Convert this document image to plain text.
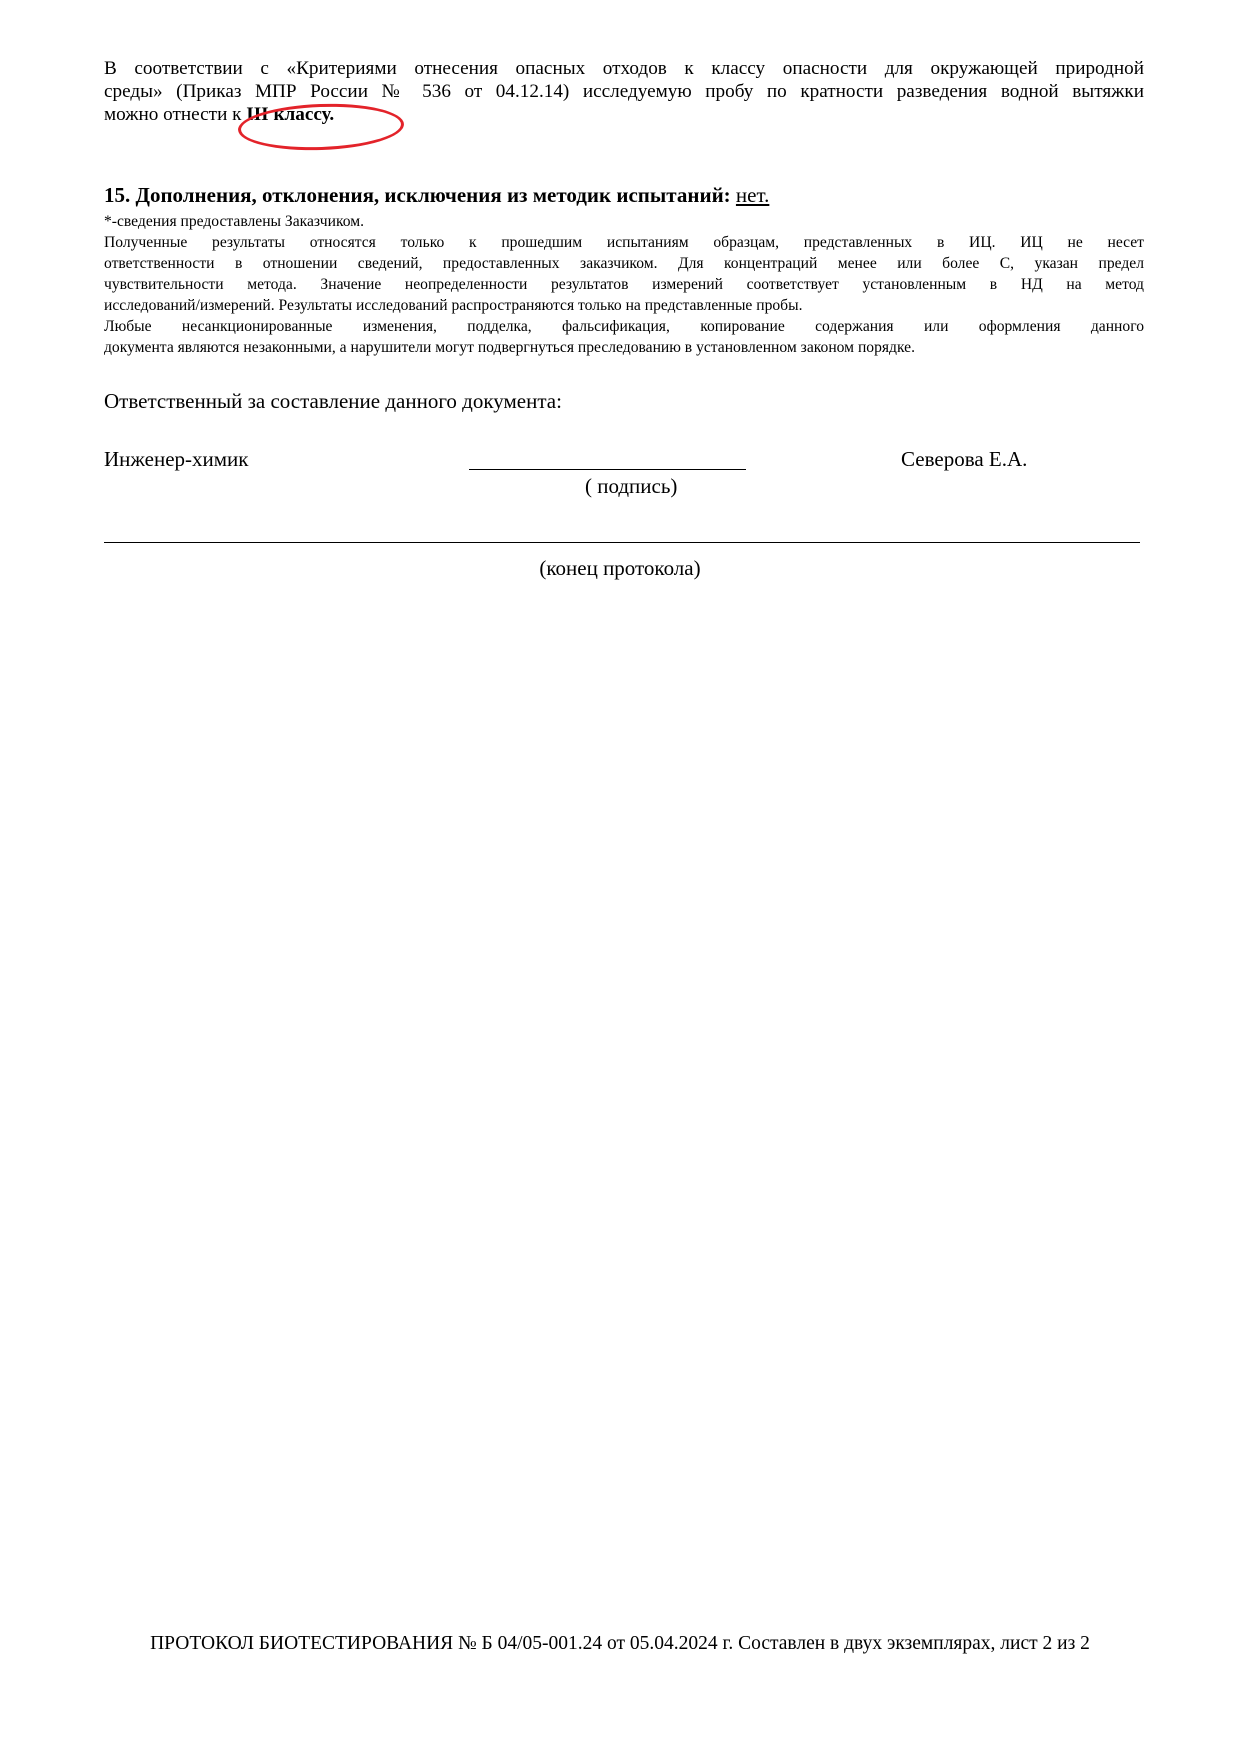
В соответствии с «Критериями отнесения опасных отходов к классу опасности для окружающей природной
среды» (Приказ МПР России № 536 от 04.12.14) исследуемую пробу по кратности разведения водной вытяжки
можно отнести к III классу.
15. Дополнения, отклонения, исключения из методик испытаний: нет.
*-сведения предоставлены Заказчиком.
Полученные результаты относятся только к прошедшим испытаниям образцам, представленных в ИЦ. ИЦ не несет
ответственности в отношении сведений, предоставленных заказчиком. Для концентраций менее или более С, указан предел
чувствительности метода. Значение неопределенности результатов измерений соответствует установленным в НД на метод
исследований/измерений. Результаты исследований распространяются только на представленные пробы.
Любые несанкционированные изменения, подделка, фальсификация, копирование содержания или оформления данного
документа являются незаконными, а нарушители могут подвергнуться преследованию в установленном законом порядке.
Ответственный за составление данного документа:
Инженер-химик
( подпись)
Северова Е.А.
(конец протокола)
ПРОТОКОЛ БИОТЕСТИРОВАНИЯ № Б 04/05-001.24 от 05.04.2024 г. Составлен в двух экземплярах, лист 2 из 2
